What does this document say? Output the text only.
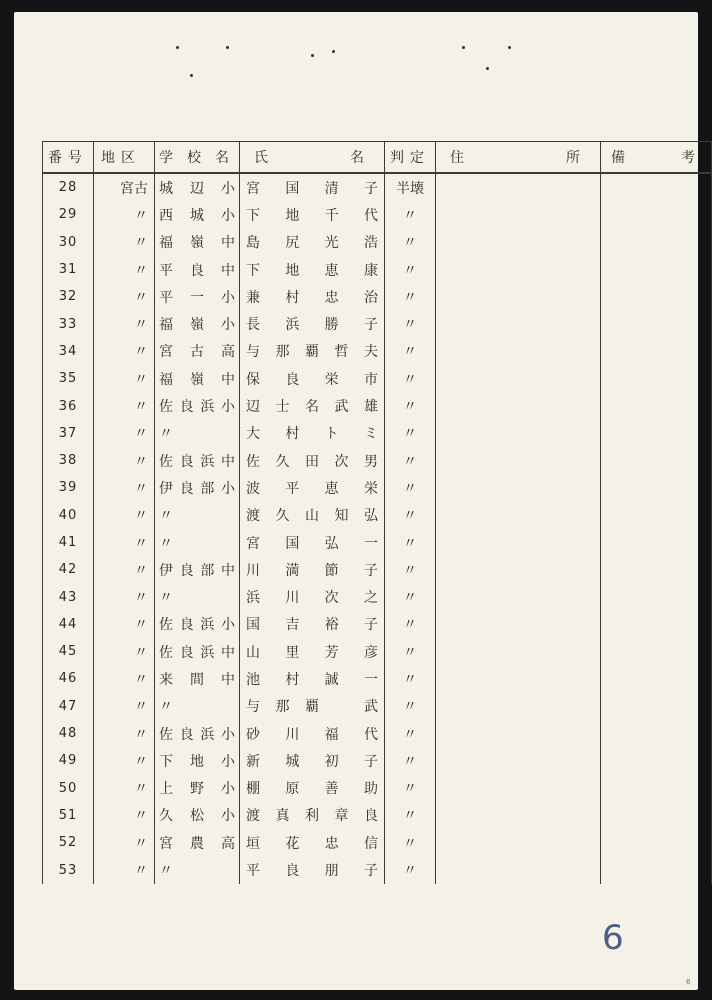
番号	地区	学校名	氏名	判定	住所	備考
28	宮古	城辺小	宮国清子	半壊		
29	〃	西城小	下地千代	〃		
30	〃	福嶺中	島尻光浩	〃		
31	〃	平良中	下地恵康	〃		
32	〃	平一小	兼村忠治	〃		
33	〃	福嶺小	長浜勝子	〃		
34	〃	宮古高	与那覇哲夫	〃		
35	〃	福嶺中	保良栄市	〃		
36	〃	佐良浜小	辺士名武雄	〃		
37	〃	〃	大村トミ	〃		
38	〃	佐良浜中	佐久田次男	〃		
39	〃	伊良部小	波平恵栄	〃		
40	〃	〃	渡久山知弘	〃		
41	〃	〃	宮国弘一	〃		
42	〃	伊良部中	川満節子	〃		
43	〃	〃	浜川次之	〃		
44	〃	佐良浜小	国吉裕子	〃		
45	〃	佐良浜中	山里芳彦	〃		
46	〃	来間中	池村誠一	〃		
47	〃	〃	与那覇　武	〃		
48	〃	佐良浜小	砂川福代	〃		
49	〃	下地小	新城初子	〃		
50	〃	上野小	棚原善助	〃		
51	〃	久松小	渡真利章良	〃		
52	〃	宮農高	垣花忠信	〃		
53	〃	〃	平良朋子	〃		
6
6
